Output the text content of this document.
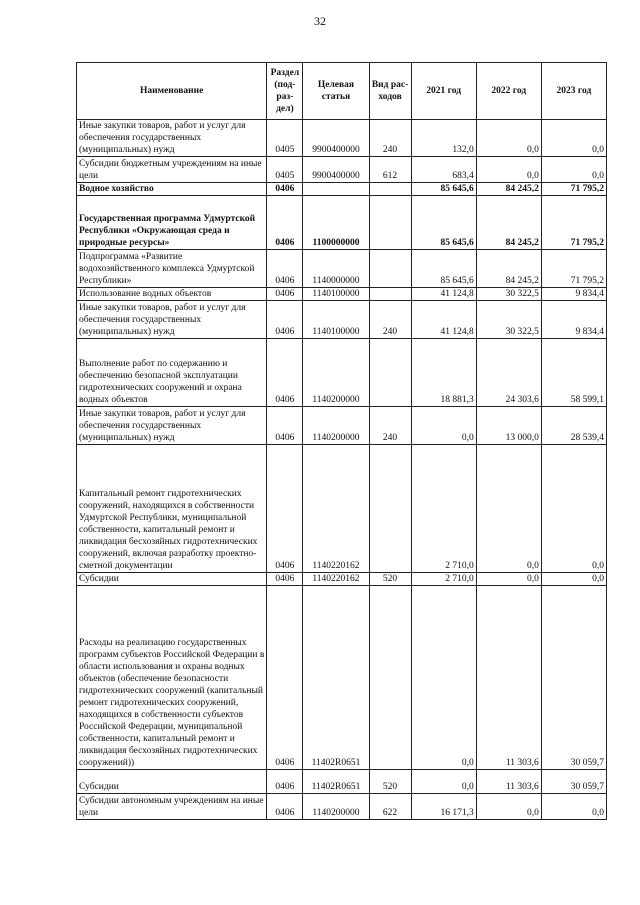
32
Наименование	Раздел (под-раз-дел)	Целевая статья	Вид рас-ходов	2021 год	2022 год	2023 год
Иные закупки товаров, работ и услуг для обеспечения государственных (муниципальных) нужд	0405	9900400000	240	132,0	0,0	0,0
Субсидии бюджетным учреждениям на иные цели	0405	9900400000	612	683,4	0,0	0,0
Водное хозяйство	0406			85 645,6	84 245,2	71 795,2
Государственная программа Удмуртской Республики «Окружающая среда и природные ресурсы»	0406	1100000000		85 645,6	84 245,2	71 795,2
Подпрограмма «Развитие водохозяйственного комплекса Удмуртской Республики»	0406	1140000000		85 645,6	84 245,2	71 795,2
Использование водных объектов	0406	1140100000		41 124,8	30 322,5	9 834,4
Иные закупки товаров, работ и услуг для обеспечения государственных (муниципальных) нужд	0406	1140100000	240	41 124,8	30 322,5	9 834,4
Выполнение работ по содержанию и обеспечению безопасной эксплуатации гидротехнических сооружений и охрана водных объектов	0406	1140200000		18 881,3	24 303,6	58 599,1
Иные закупки товаров, работ и услуг для обеспечения государственных (муниципальных) нужд	0406	1140200000	240	0,0	13 000,0	28 539,4
Капитальный ремонт гидротехнических сооружений, находящихся в собственности Удмуртской Республики, муниципальной собственности, капитальный ремонт и ликвидация бесхозяйных гидротехнических сооружений, включая разработку проектно-сметной документации	0406	1140220162		2 710,0	0,0	0,0
Субсидии	0406	1140220162	520	2 710,0	0,0	0,0
Расходы на реализацию государственных программ субъектов Российской Федерации в области использования и охраны водных объектов (обеспечение безопасности гидротехнических сооружений (капитальный ремонт гидротехнических сооружений, находящихся в собственности субъектов Российской Федерации, муниципальной собственности, капитальный ремонт и ликвидация бесхозяйных гидротехнических сооружений))	0406	11402R0651		0,0	11 303,6	30 059,7
Субсидии	0406	11402R0651	520	0,0	11 303,6	30 059,7
Субсидии автономным учреждениям на иные цели	0406	1140200000	622	16 171,3	0,0	0,0
